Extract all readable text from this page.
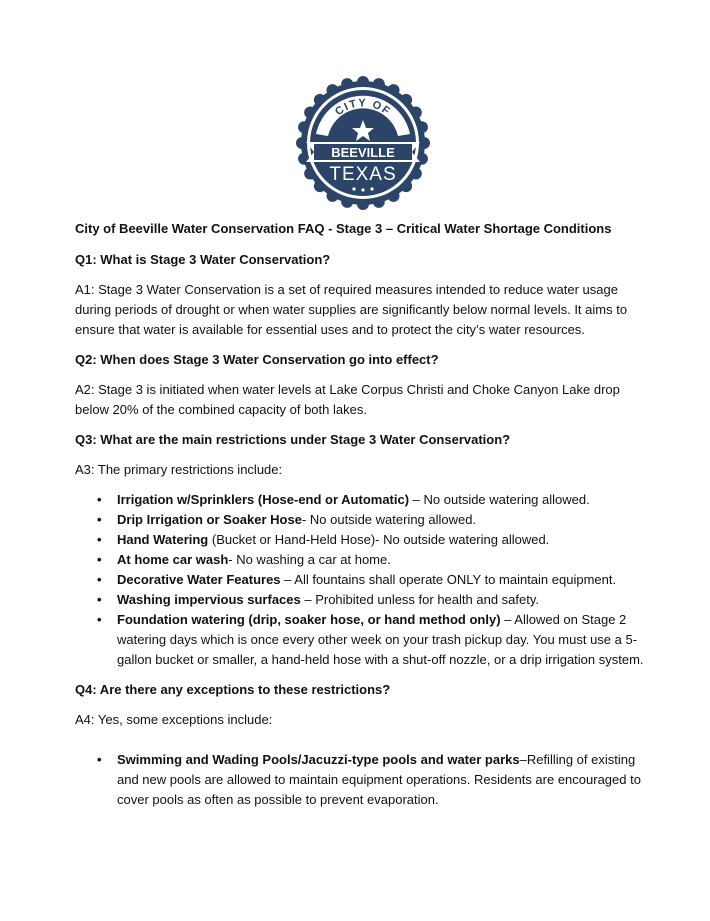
CITY OF
BEEVILLE
TEXAS

City of Beeville Water Conservation FAQ - Stage 3 – Critical Water Shortage Conditions

Q1: What is Stage 3 Water Conservation?

A1: Stage 3 Water Conservation is a set of required measures intended to reduce water usage during periods of drought or when water supplies are significantly below normal levels. It aims to ensure that water is available for essential uses and to protect the city’s water resources.

Q2: When does Stage 3 Water Conservation go into effect?

A2: Stage 3 is initiated when water levels at Lake Corpus Christi and Choke Canyon Lake drop below 20% of the combined capacity of both lakes.

Q3: What are the main restrictions under Stage 3 Water Conservation?

A3: The primary restrictions include:

• Irrigation w/Sprinklers (Hose-end or Automatic) – No outside watering allowed.
• Drip Irrigation or Soaker Hose- No outside watering allowed.
• Hand Watering (Bucket or Hand-Held Hose)- No outside watering allowed.
• At home car wash- No washing a car at home.
• Decorative Water Features – All fountains shall operate ONLY to maintain equipment.
• Washing impervious surfaces – Prohibited unless for health and safety.
• Foundation watering (drip, soaker hose, or hand method only) – Allowed on Stage 2 watering days which is once every other week on your trash pickup day. You must use a 5-gallon bucket or smaller, a hand-held hose with a shut-off nozzle, or a drip irrigation system.

Q4: Are there any exceptions to these restrictions?

A4: Yes, some exceptions include:

• Swimming and Wading Pools/Jacuzzi-type pools and water parks–Refilling of existing and new pools are allowed to maintain equipment operations. Residents are encouraged to cover pools as often as possible to prevent evaporation.
